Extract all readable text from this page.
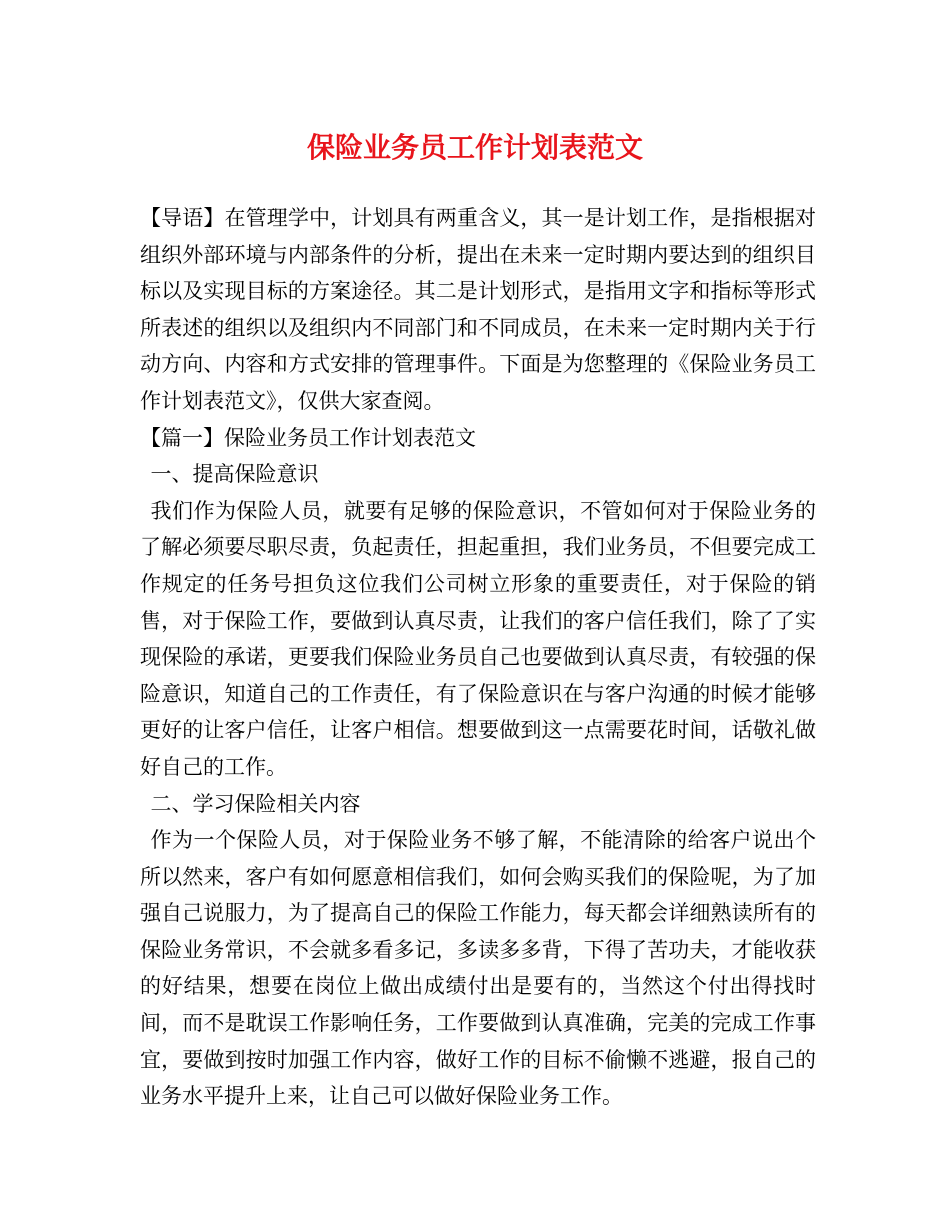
保险业务员工作计划表范文

【导语】在管理学中，计划具有两重含义，其一是计划工作，是指根据对组织外部环境与内部条件的分析，提出在未来一定时期内要达到的组织目标以及实现目标的方案途径。其二是计划形式，是指用文字和指标等形式所表述的组织以及组织内不同部门和不同成员，在未来一定时期内关于行动方向、内容和方式安排的管理事件。下面是为您整理的《保险业务员工作计划表范文》，仅供大家查阅。

【篇一】保险业务员工作计划表范文

一、提高保险意识

我们作为保险人员，就要有足够的保险意识，不管如何对于保险业务的了解必须要尽职尽责，负起责任，担起重担，我们业务员，不但要完成工作规定的任务号担负这位我们公司树立形象的重要责任，对于保险的销售，对于保险工作，要做到认真尽责，让我们的客户信任我们，除了了实现保险的承诺，更要我们保险业务员自己也要做到认真尽责，有较强的保险意识，知道自己的工作责任，有了保险意识在与客户沟通的时候才能够更好的让客户信任，让客户相信。想要做到这一点需要花时间，话敬礼做好自己的工作。

二、学习保险相关内容

作为一个保险人员，对于保险业务不够了解，不能清除的给客户说出个所以然来，客户有如何愿意相信我们，如何会购买我们的保险呢，为了加强自己说服力，为了提高自己的保险工作能力，每天都会详细熟读所有的保险业务常识，不会就多看多记，多读多多背，下得了苦功夫，才能收获的好结果，想要在岗位上做出成绩付出是要有的，当然这个付出得找时间，而不是耽误工作影响任务，工作要做到认真准确，完美的完成工作事宜，要做到按时加强工作内容，做好工作的目标不偷懒不逃避，报自己的业务水平提升上来，让自己可以做好保险业务工作。
